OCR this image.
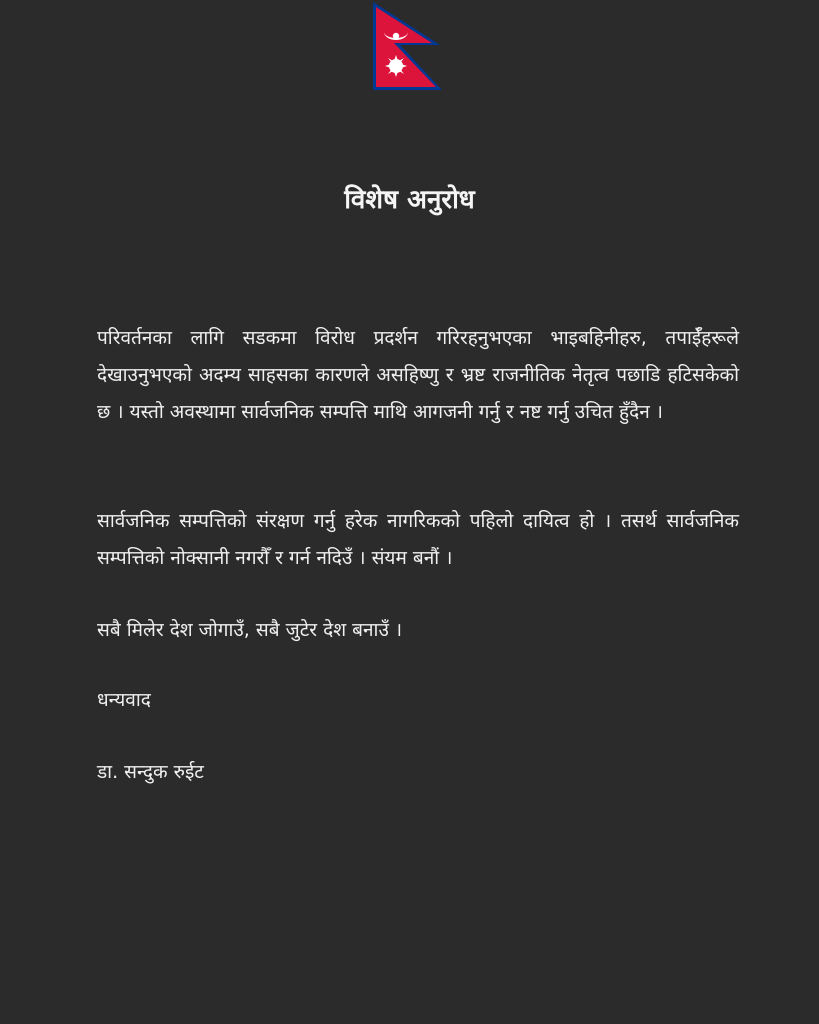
विशेष अनुरोध

परिवर्तनका लागि सडकमा विरोध प्रदर्शन गरिरहनुभएका भाइबहिनीहरु, तपाईँहरूले देखाउनुभएको अदम्य साहसका कारणले असहिष्णु र भ्रष्ट राजनीतिक नेतृत्व पछाडि हटिसकेको छ । यस्तो अवस्थामा सार्वजनिक सम्पत्ति माथि आगजनी गर्नु र नष्ट गर्नु उचित हुँदैन ।

सार्वजनिक सम्पत्तिको संरक्षण गर्नु हरेक नागरिकको पहिलो दायित्व हो । तसर्थ सार्वजनिक सम्पत्तिको नोक्सानी नगरौँ र गर्न नदिउँ । संयम बनौं ।

सबै मिलेर देश जोगाउँ, सबै जुटेर देश बनाउँ ।

धन्यवाद

डा. सन्दुक रुईट
